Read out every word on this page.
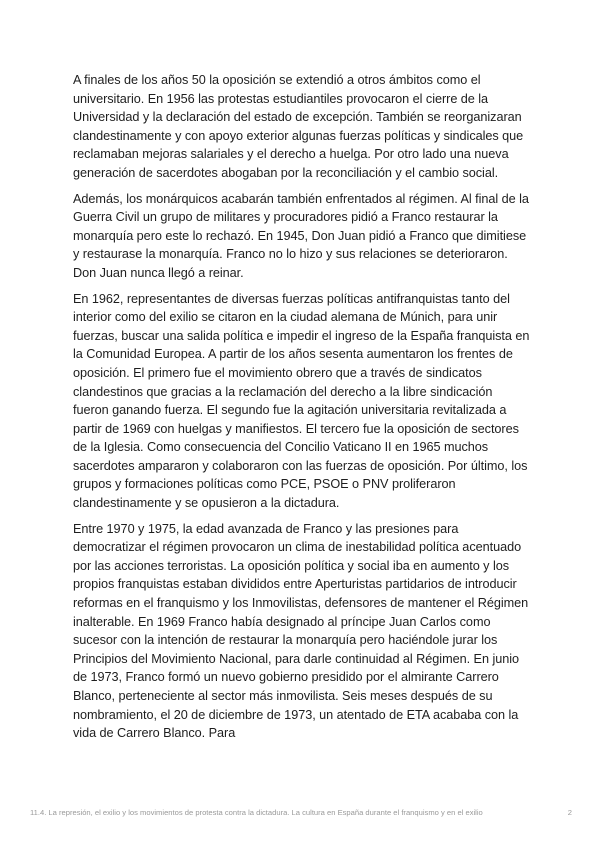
A finales de los años 50 la oposición se extendió a otros ámbitos como el universitario. En 1956 las protestas estudiantiles provocaron el cierre de la Universidad y la declaración del estado de excepción. También se reorganizaran clandestinamente y con apoyo exterior algunas fuerzas políticas y sindicales que reclamaban mejoras salariales y el derecho a huelga. Por otro lado una nueva generación de sacerdotes abogaban por la reconciliación y el cambio social.

Además, los monárquicos acabarán también enfrentados al régimen. Al final de la Guerra Civil un grupo de militares y procuradores pidió a Franco restaurar la monarquía pero este lo rechazó. En 1945, Don Juan pidió a Franco que dimitiese y restaurase la monarquía. Franco no lo hizo y sus relaciones se deterioraron. Don Juan nunca llegó a reinar.

En 1962, representantes de diversas fuerzas políticas antifranquistas tanto del interior como del exilio se citaron en la ciudad alemana de Múnich, para unir fuerzas, buscar una salida política e impedir el ingreso de la España franquista en la Comunidad Europea. A partir de los años sesenta aumentaron los frentes de oposición. El primero fue el movimiento obrero que a través de sindicatos clandestinos que gracias a la reclamación del derecho a la libre sindicación fueron ganando fuerza. El segundo fue la agitación universitaria revitalizada a partir de 1969 con huelgas y manifiestos. El tercero fue la oposición de sectores de la Iglesia. Como consecuencia del Concilio Vaticano II en 1965 muchos sacerdotes ampararon y colaboraron con las fuerzas de oposición. Por último, los grupos y formaciones políticas como PCE, PSOE o PNV proliferaron clandestinamente y se opusieron a la dictadura.

Entre 1970 y 1975, la edad avanzada de Franco y las presiones para democratizar el régimen provocaron un clima de inestabilidad política acentuado por las acciones terroristas. La oposición política y social iba en aumento y los propios franquistas estaban divididos entre Aperturistas partidarios de introducir reformas en el franquismo y los Inmovilistas, defensores de mantener el Régimen inalterable. En 1969 Franco había designado al príncipe Juan Carlos como sucesor con la intención de restaurar la monarquía pero haciéndole jurar los Principios del Movimiento Nacional, para darle continuidad al Régimen. En junio de 1973, Franco formó un nuevo gobierno presidido por el almirante Carrero Blanco, perteneciente al sector más inmovilista. Seis meses después de su nombramiento, el 20 de diciembre de 1973, un atentado de ETA acababa con la vida de Carrero Blanco. Para

11.4. La represión, el exilio y los movimientos de protesta contra la dictadura. La cultura en España durante el franquismo y en el exilio	2
